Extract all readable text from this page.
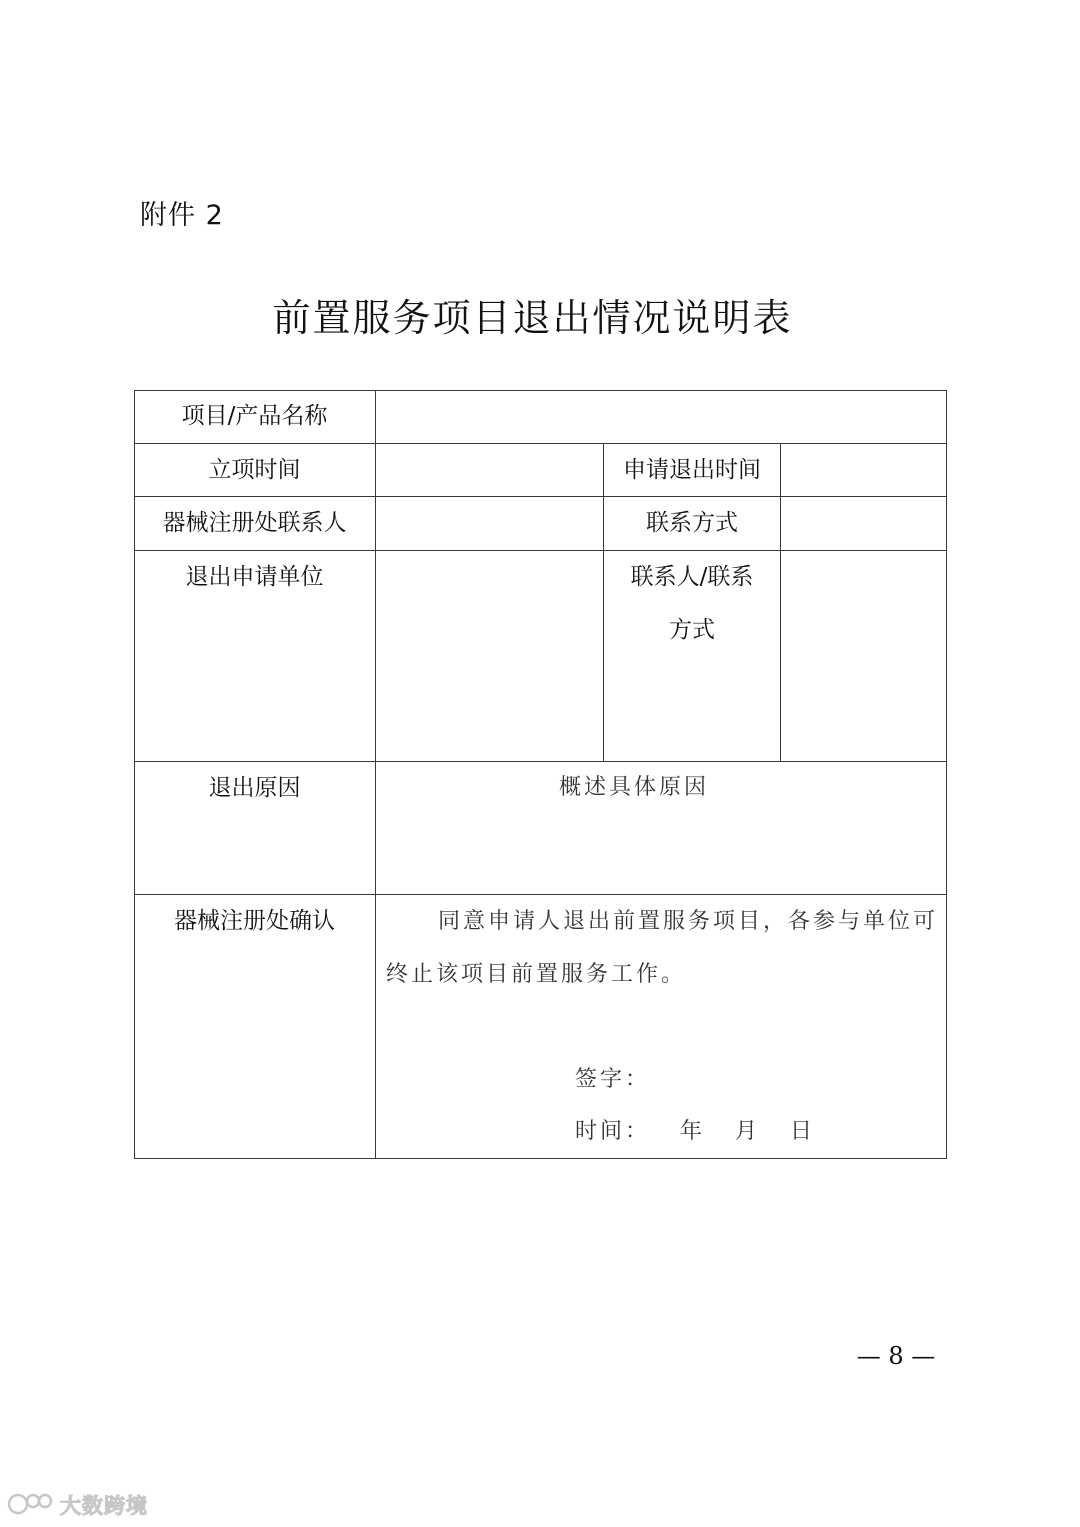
附件 2
前置服务项目退出情况说明表
项目/产品名称
立项时间	申请退出时间
器械注册处联系人	联系方式
退出申请单位	联系人/联系
方式
退出原因	概述具体原因
器械注册处确认	同意申请人退出前置服务项目，各参与单位可
终止该项目前置服务工作。
签字：
时间： 年 月 日
— 8 —
大数跨境
